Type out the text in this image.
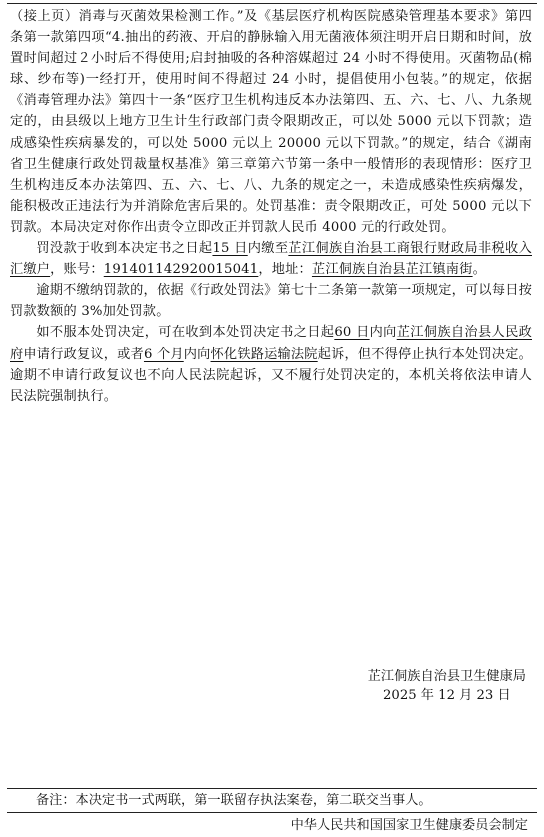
（接上页）消毒与灭菌效果检测工作。”及《基层医疗机构医院感染管理基本要求》第四条第一款第四项“4.抽出的药液、开启的静脉输入用无菌液体须注明开启日期和时间，放置时间超过２小时后不得使用;启封抽吸的各种溶媒超过 24 小时不得使用。灭菌物品(棉球、纱布等)一经打开，使用时间不得超过 24 小时，提倡使用小包装。”的规定，依据《消毒管理办法》第四十一条“医疗卫生机构违反本办法第四、五、六、七、八、九条规定的，由县级以上地方卫生计生行政部门责令限期改正，可以处 5000 元以下罚款；造成感染性疾病暴发的，可以处 5000 元以上 20000 元以下罚款。”的规定，结合《湖南省卫生健康行政处罚裁量权基准》第三章第六节第一条中一般情形的表现情形：医疗卫生机构违反本办法第四、五、六、七、八、九条的规定之一，未造成感染性疾病爆发，能积极改正违法行为并消除危害后果的。处罚基准：责令限期改正，可处 5000 元以下罚款。本局决定对你作出责令立即改正并罚款人民币 4000 元的行政处罚。

罚没款于收到本决定书之日起15 日内缴至芷江侗族自治县工商银行财政局非税收入汇缴户，账号：191401142920015041，地址：芷江侗族自治县芷江镇南街。

逾期不缴纳罚款的，依据《行政处罚法》第七十二条第一款第一项规定，可以每日按罚款数额的 3%加处罚款。

如不服本处罚决定，可在收到本处罚决定书之日起60 日内向芷江侗族自治县人民政府申请行政复议，或者6 个月内向怀化铁路运输法院起诉，但不得停止执行本处罚决定。逾期不申请行政复议也不向人民法院起诉，又不履行处罚决定的，本机关将依法申请人民法院强制执行。

芷江侗族自治县卫生健康局
2025 年 12 月 23 日
备注：本决定书一式两联，第一联留存执法案卷，第二联交当事人。
中华人民共和国国家卫生健康委员会制定
